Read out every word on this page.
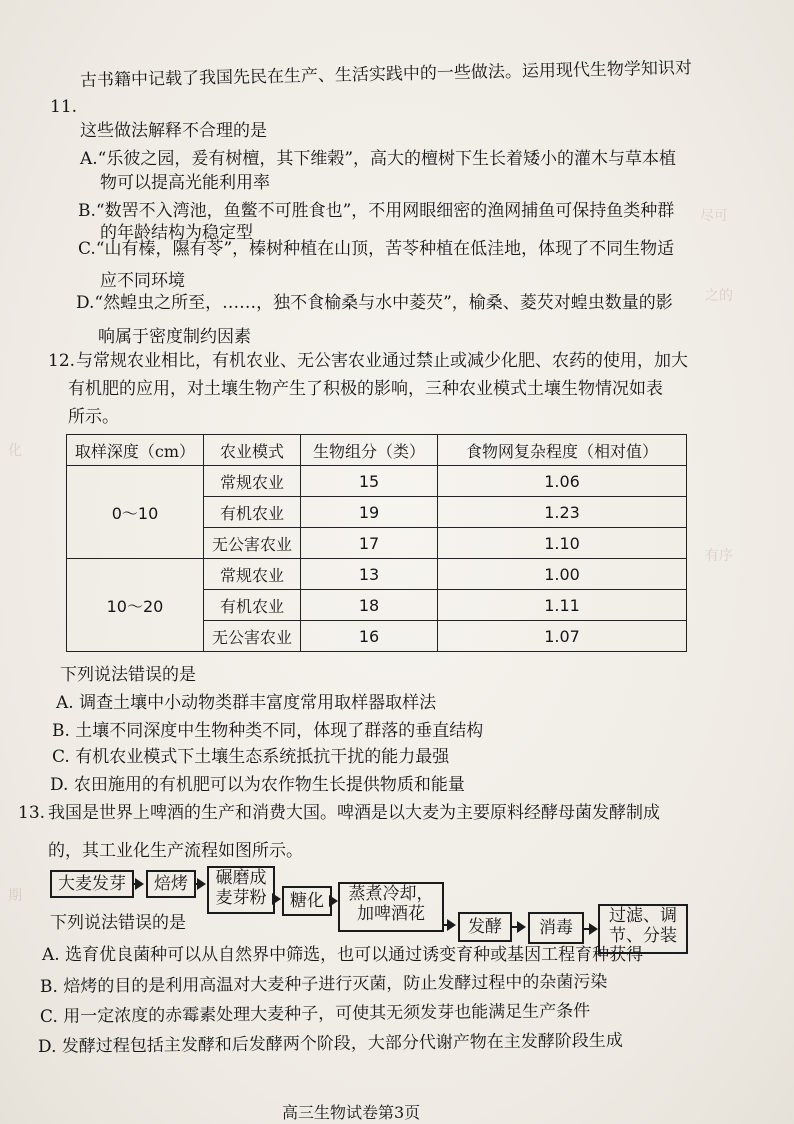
尽可
之的
化
有序
期
11.
古书籍中记载了我国先民在生产、生活实践中的一些做法。运用现代生物学知识对
这些做法解释不合理的是
A.“乐彼之园，爰有树檀，其下维榖”，高大的檀树下生长着矮小的灌木与草本植
物可以提高光能利用率
B.“数罟不入湾池，鱼鳖不可胜食也”，不用网眼细密的渔网捕鱼可保持鱼类种群
的年龄结构为稳定型
C.“山有榛，隰有苓”，榛树种植在山顶，苦苓种植在低洼地，体现了不同生物适
应不同环境
D.“然蝗虫之所至，……，独不食榆桑与水中菱芡”，榆桑、菱芡对蝗虫数量的影
响属于密度制约因素
12. 与常规农业相比，有机农业、无公害农业通过禁止或减少化肥、农药的使用，加大
有机肥的应用，对土壤生物产生了积极的影响，三种农业模式土壤生物情况如表
所示。
取样深度（cm）	农业模式	生物组分（类）	食物网复杂程度（相对值）
0～10	常规农业	15	1.06
	有机农业	19	1.23
	无公害农业	17	1.10
10～20	常规农业	13	1.00
	有机农业	18	1.11
	无公害农业	16	1.07
下列说法错误的是
A. 调查土壤中小动物类群丰富度常用取样器取样法
B. 土壤不同深度中生物种类不同，体现了群落的垂直结构
C. 有机农业模式下土壤生态系统抵抗干扰的能力最强
D. 农田施用的有机肥可以为农作物生长提供物质和能量
13. 我国是世界上啤酒的生产和消费大国。啤酒是以大麦为主要原料经酵母菌发酵制成
的，其工业化生产流程如图所示。
大麦发芽	焙烤	碾磨成
麦芽粉	糖化	蒸煮冷却，
加啤酒花
发酵	消毒
过滤、调
节、分装
下列说法错误的是
A. 选育优良菌种可以从自然界中筛选，也可以通过诱变育种或基因工程育种获得
B. 焙烤的目的是利用高温对大麦种子进行灭菌，防止发酵过程中的杂菌污染
C. 用一定浓度的赤霉素处理大麦种子，可使其无须发芽也能满足生产条件
D. 发酵过程包括主发酵和后发酵两个阶段，大部分代谢产物在主发酵阶段生成
高三生物试卷第3页
